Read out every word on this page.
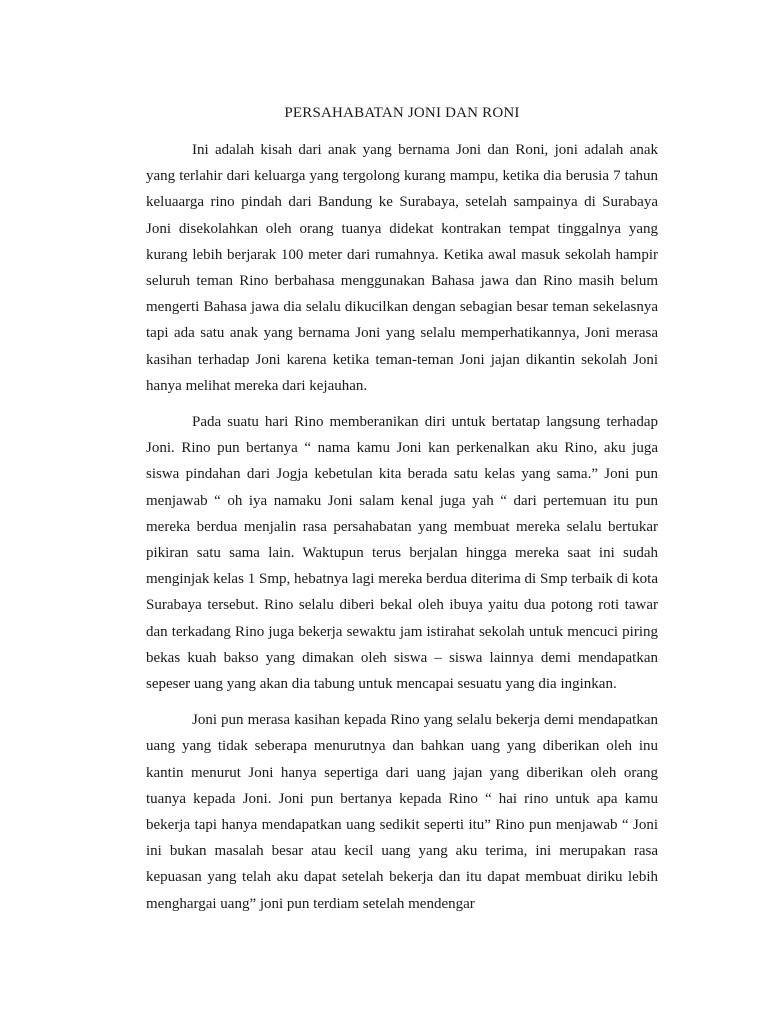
PERSAHABATAN JONI DAN RONI

Ini adalah kisah dari anak yang bernama Joni dan Roni, joni adalah anak yang terlahir dari keluarga yang tergolong kurang mampu, ketika dia berusia 7 tahun keluaarga rino pindah dari Bandung ke Surabaya, setelah sampainya di Surabaya Joni disekolahkan oleh orang tuanya didekat kontrakan tempat tinggalnya yang kurang lebih berjarak 100 meter dari rumahnya. Ketika awal masuk sekolah hampir seluruh teman Rino berbahasa menggunakan Bahasa jawa dan Rino masih belum mengerti Bahasa jawa dia selalu dikucilkan dengan sebagian besar teman sekelasnya tapi ada satu anak yang bernama Joni yang selalu memperhatikannya, Joni merasa kasihan terhadap Joni karena ketika teman-teman Joni jajan dikantin sekolah Joni hanya melihat mereka dari kejauhan.

Pada suatu hari Rino memberanikan diri untuk bertatap langsung terhadap Joni. Rino pun bertanya “ nama kamu Joni kan perkenalkan aku Rino, aku juga siswa pindahan dari Jogja kebetulan kita berada satu kelas yang sama.” Joni pun menjawab “ oh iya namaku Joni salam kenal juga yah “ dari pertemuan itu pun mereka berdua menjalin rasa persahabatan yang membuat mereka selalu bertukar pikiran satu sama lain. Waktupun terus berjalan hingga mereka saat ini sudah menginjak kelas 1 Smp, hebatnya lagi mereka berdua diterima di Smp terbaik di kota Surabaya tersebut. Rino selalu diberi bekal oleh ibuya yaitu dua potong roti tawar dan terkadang Rino juga bekerja sewaktu jam istirahat sekolah untuk mencuci piring bekas kuah bakso yang dimakan oleh siswa – siswa lainnya demi mendapatkan sepeser uang yang akan dia tabung untuk mencapai sesuatu yang dia inginkan.

Joni pun merasa kasihan kepada Rino yang selalu bekerja demi mendapatkan uang yang tidak seberapa menurutnya dan bahkan uang yang diberikan oleh inu kantin menurut Joni hanya sepertiga dari uang jajan yang diberikan oleh orang tuanya kepada Joni. Joni pun bertanya kepada Rino “ hai rino untuk apa kamu bekerja tapi hanya mendapatkan uang sedikit seperti itu” Rino pun menjawab “ Joni ini bukan masalah besar atau kecil uang yang aku terima, ini merupakan rasa kepuasan yang telah aku dapat setelah bekerja dan itu dapat membuat diriku lebih menghargai uang” joni pun terdiam setelah mendengar
